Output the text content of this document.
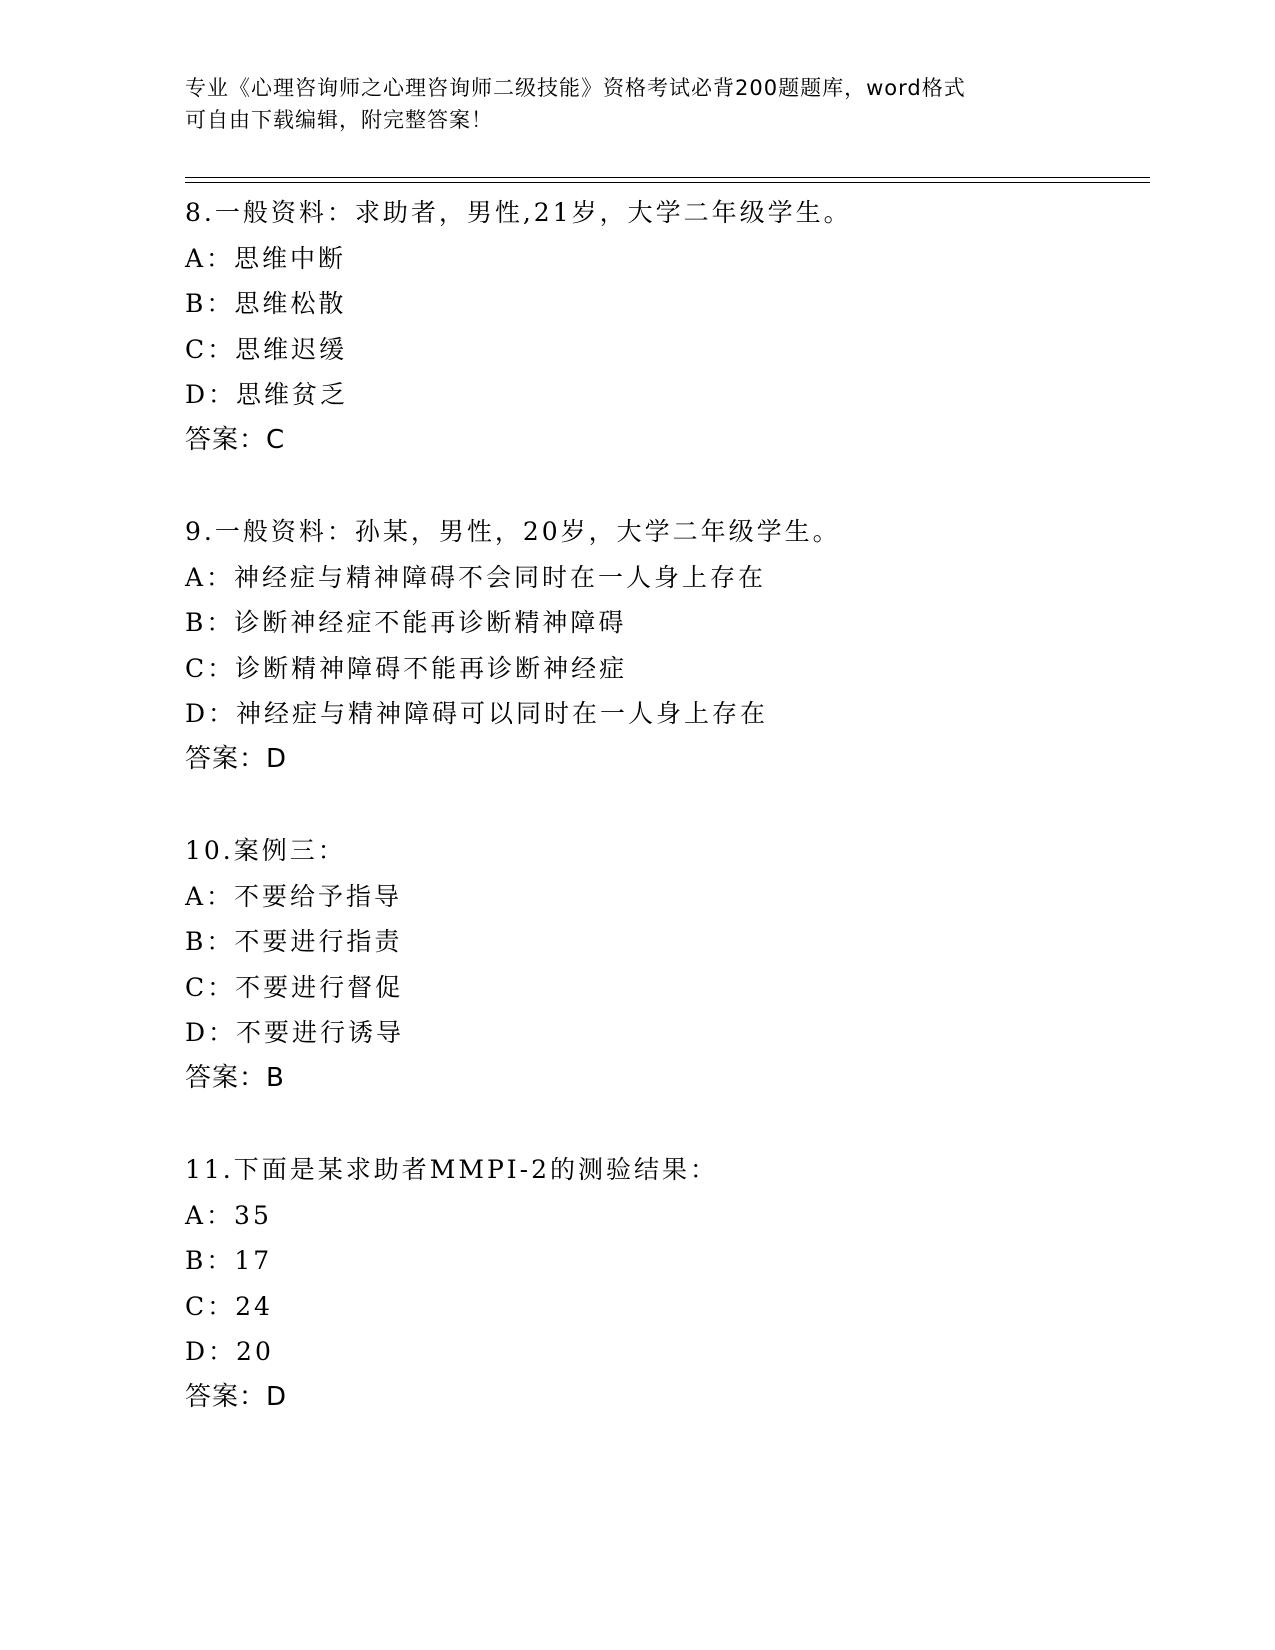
专业《心理咨询师之心理咨询师二级技能》资格考试必背200题题库，word格式
可自由下载编辑，附完整答案！
8.一般资料：求助者，男性,21岁，大学二年级学生。
A：思维中断
B：思维松散
C：思维迟缓
D：思维贫乏
答案：C
9.一般资料：孙某，男性，20岁，大学二年级学生。
A：神经症与精神障碍不会同时在一人身上存在
B：诊断神经症不能再诊断精神障碍
C：诊断精神障碍不能再诊断神经症
D：神经症与精神障碍可以同时在一人身上存在
答案：D
10.案例三：
A：不要给予指导
B：不要进行指责
C：不要进行督促
D：不要进行诱导
答案：B
11.下面是某求助者MMPI-2的测验结果：
A：35
B：17
C：24
D：20
答案：D
